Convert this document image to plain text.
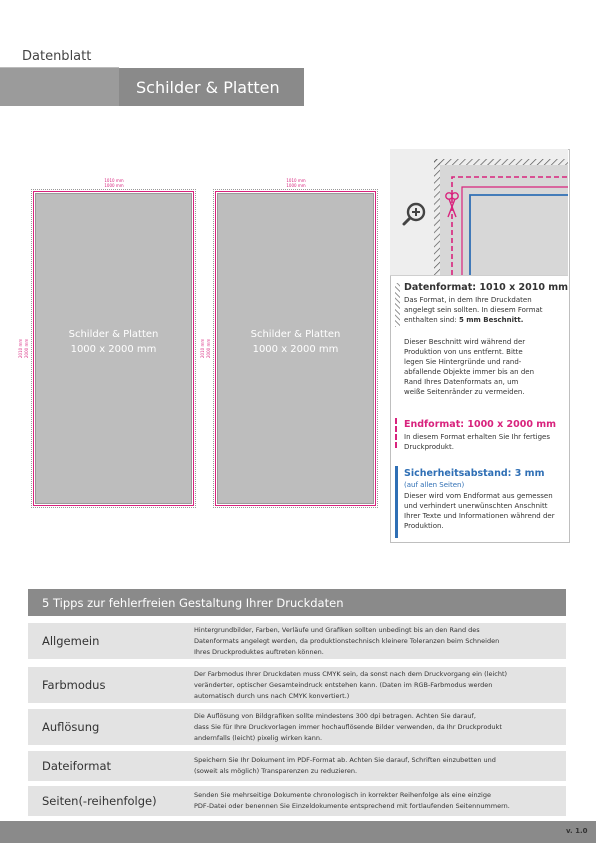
Datenblatt
Schilder & Platten
1010 mm
1000 mm
2010 mm 2000 mm
Schilder & Platten
1000 x 2000 mm
1010 mm
1000 mm
2010 mm 2000 mm
Schilder & Platten
1000 x 2000 mm
Datenformat: 1010 x 2010 mm
Das Format, in dem Ihre Druckdaten
angelegt sein sollten. In diesem Format
enthalten sind: 5 mm Beschnitt.
Dieser Beschnitt wird während der
Produktion von uns entfernt. Bitte
legen Sie Hintergründe und rand-
abfallende Objekte immer bis an den
Rand Ihres Datenformats an, um
weiße Seitenränder zu vermeiden.
Endformat: 1000 x 2000 mm
In diesem Format erhalten Sie Ihr fertiges
Druckprodukt.
Sicherheitsabstand: 3 mm
(auf allen Seiten)
Dieser wird vom Endformat aus gemessen
und verhindert unerwünschten Anschnitt
Ihrer Texte und Informationen während der
Produktion.
5 Tipps zur fehlerfreien Gestaltung Ihrer Druckdaten
Allgemein
Hintergrundbilder, Farben, Verläufe und Grafiken sollten unbedingt bis an den Rand des
Datenformats angelegt werden, da produktionstechnisch kleinere Toleranzen beim Schneiden
Ihres Druckproduktes auftreten können.
Farbmodus
Der Farbmodus Ihrer Druckdaten muss CMYK sein, da sonst nach dem Druckvorgang ein (leicht)
veränderter, optischer Gesamteindruck entstehen kann. (Daten im RGB-Farbmodus werden
automatisch durch uns nach CMYK konvertiert.)
Auflösung
Die Auflösung von Bildgrafiken sollte mindestens 300 dpi betragen. Achten Sie darauf,
dass Sie für Ihre Druckvorlagen immer hochauflösende Bilder verwenden, da Ihr Druckprodukt
andernfalls (leicht) pixelig wirken kann.
Dateiformat	Speichern Sie Ihr Dokument im PDF-Format ab. Achten Sie darauf, Schriften einzubetten und
(soweit als möglich) Transparenzen zu reduzieren.
Seiten(-reihenfolge)	Senden Sie mehrseitige Dokumente chronologisch in korrekter Reihenfolge als eine einzige
PDF-Datei oder benennen Sie Einzeldokumente entsprechend mit fortlaufenden Seitennummern.
v. 1.0
